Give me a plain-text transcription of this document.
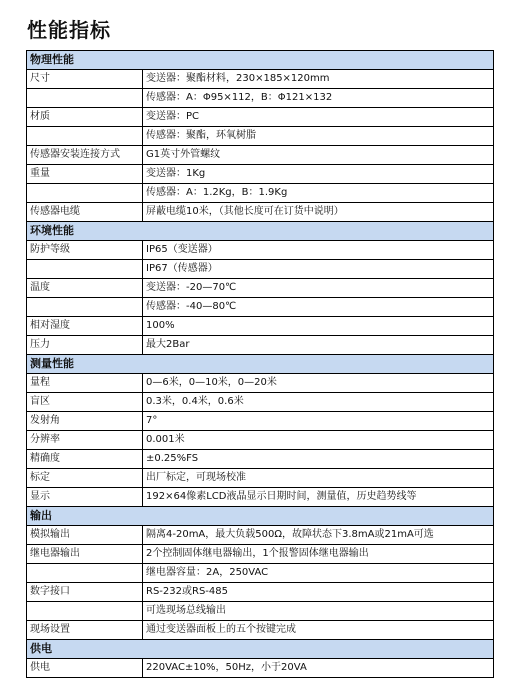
性能指标
物理性能	
尺寸	变送器：聚酯材料，230×185×120mm
	传感器：A：Φ95×112，B：Φ121×132
材质	变送器：PC
	传感器：聚酯，环氧树脂
传感器安装连接方式	G1英寸外管螺纹
重量	变送器：1Kg
	传感器：A：1.2Kg，B：1.9Kg
传感器电缆	屏蔽电缆10米，（其他长度可在订货中说明）
环境性能	
防护等级	IP65（变送器）
	IP67（传感器）
温度	变送器：-20—70℃
	传感器：-40—80℃
相对湿度	100%
压力	最大2Bar
测量性能	
量程	0—6米，0—10米，0—20米
盲区	0.3米，0.4米，0.6米
发射角	7°
分辨率	0.001米
精确度	±0.25%FS
标定	出厂标定，可现场校准
显示	192×64像素LCD液晶显示日期时间，测量值，历史趋势线等
输出	
模拟输出	隔离4-20mA，最大负载500Ω，故障状态下3.8mA或21mA可选
继电器输出	2个控制固体继电器输出，1个报警固体继电器输出
	继电器容量：2A，250VAC
数字接口	RS-232或RS-485
	可选现场总线输出
现场设置	通过变送器面板上的五个按键完成
供电	
供电	220VAC±10%，50Hz，小于20VA
